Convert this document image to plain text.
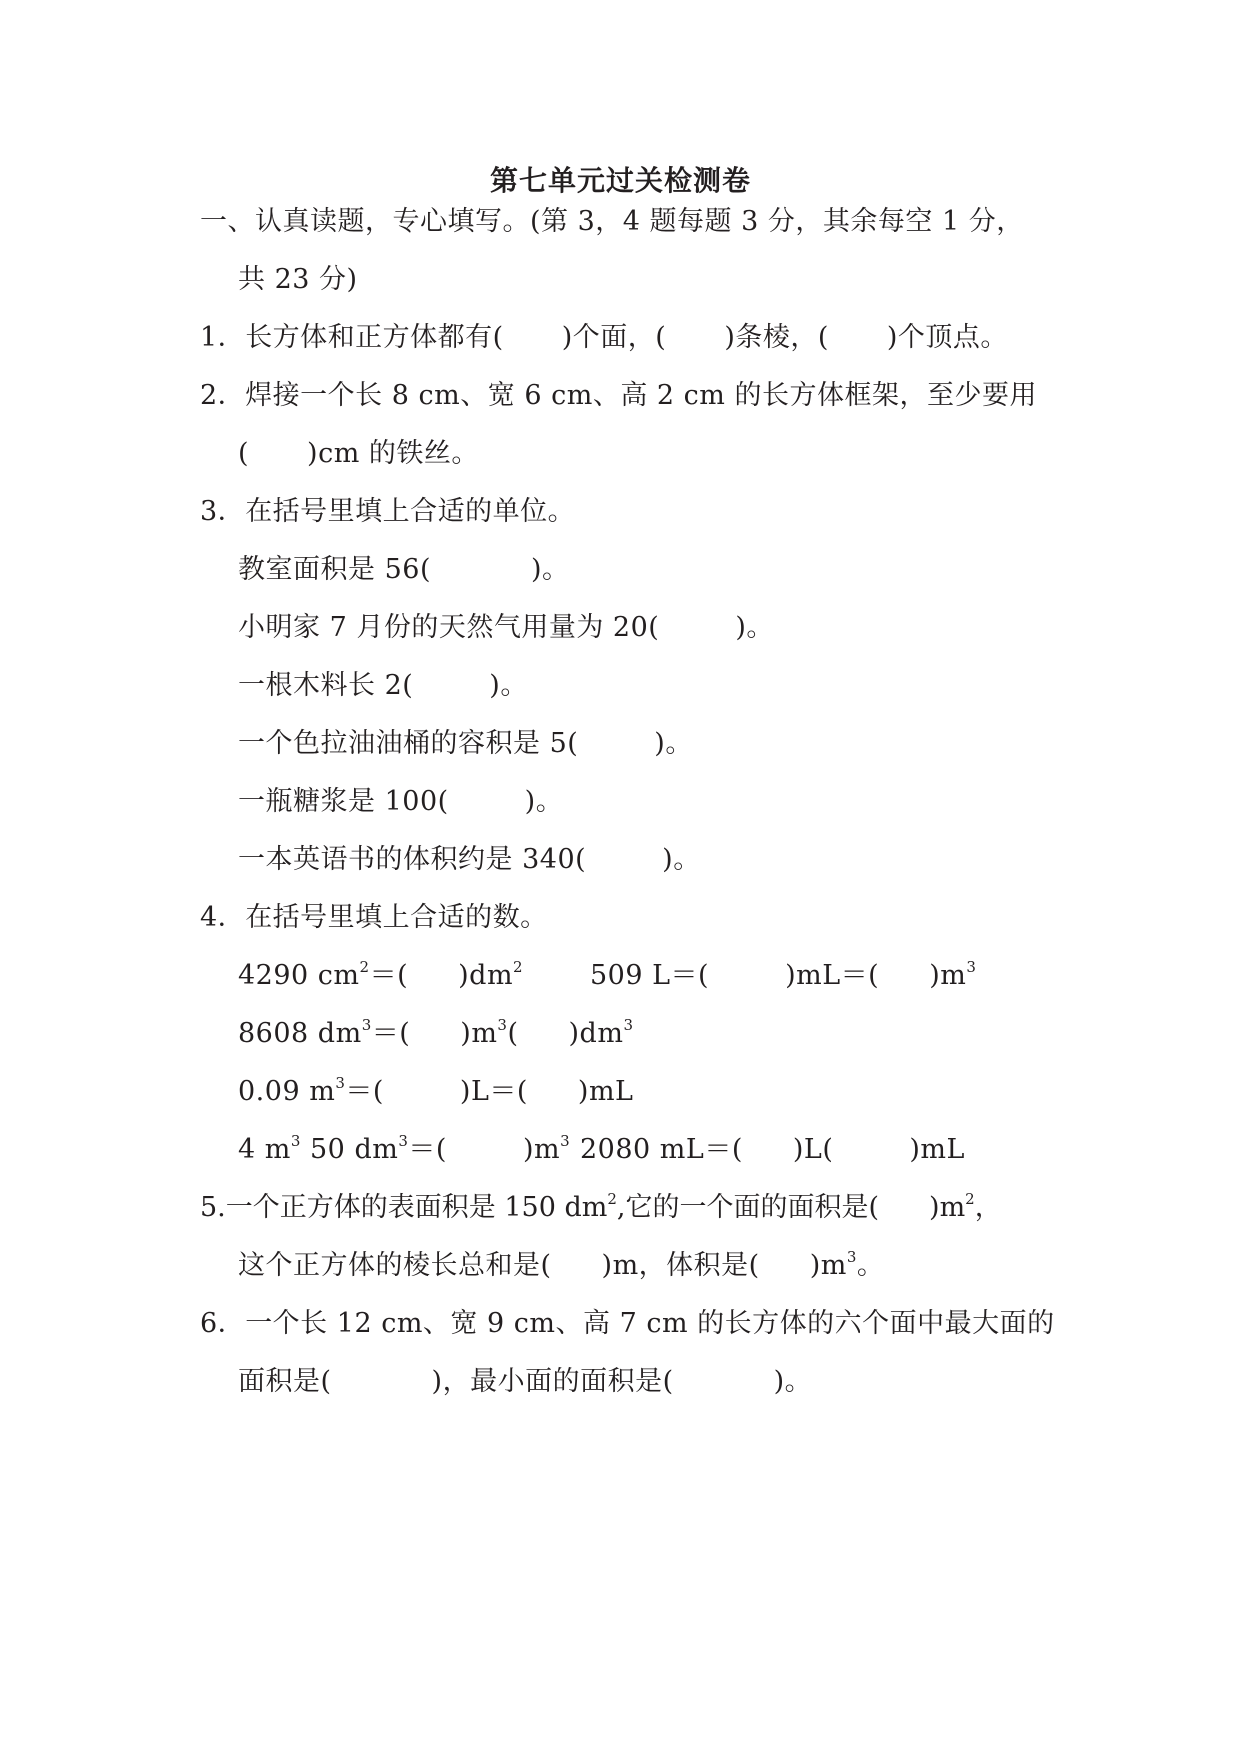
第七单元过关检测卷
一、认真读题，专心填写。(第 3，4 题每题 3 分，其余每空 1 分，
共 23 分)
1．长方体和正方体都有( )个面，( )条棱，( )个顶点。
2．焊接一个长 8 cm、宽 6 cm、高 2 cm 的长方体框架，至少要用
( )cm 的铁丝。
3．在括号里填上合适的单位。
教室面积是 56(	)。
小明家 7 月份的天然气用量为 20(	)。
一根木料长 2(	)。
一个色拉油油桶的容积是 5(	)。
一瓶糖浆是 100(	)。
一本英语书的体积约是 340(	)。
4．在括号里填上合适的数。
4290 $cm^2=$( )$dm^2$ 509 L＝(	)mL＝( )$m^3$
8608 $dm^3=$( )$m^3$( )$dm^3$
0.09 $m^3=$(	)L＝( )mL
4 $m^3$ 50 $dm^3=$(	)$m^3$ 2080 mL＝( )L(	)mL
5.一个正方体的表面积是 150 $dm^2$,它的一个面的面积是( )$m^2$，
这个正方体的棱长总和是( )m，体积是( )$m^3$。
6．一个长 12 cm、宽 9 cm、高 7 cm 的长方体的六个面中最大面的
面积是(	)，最小面的面积是(	)。
